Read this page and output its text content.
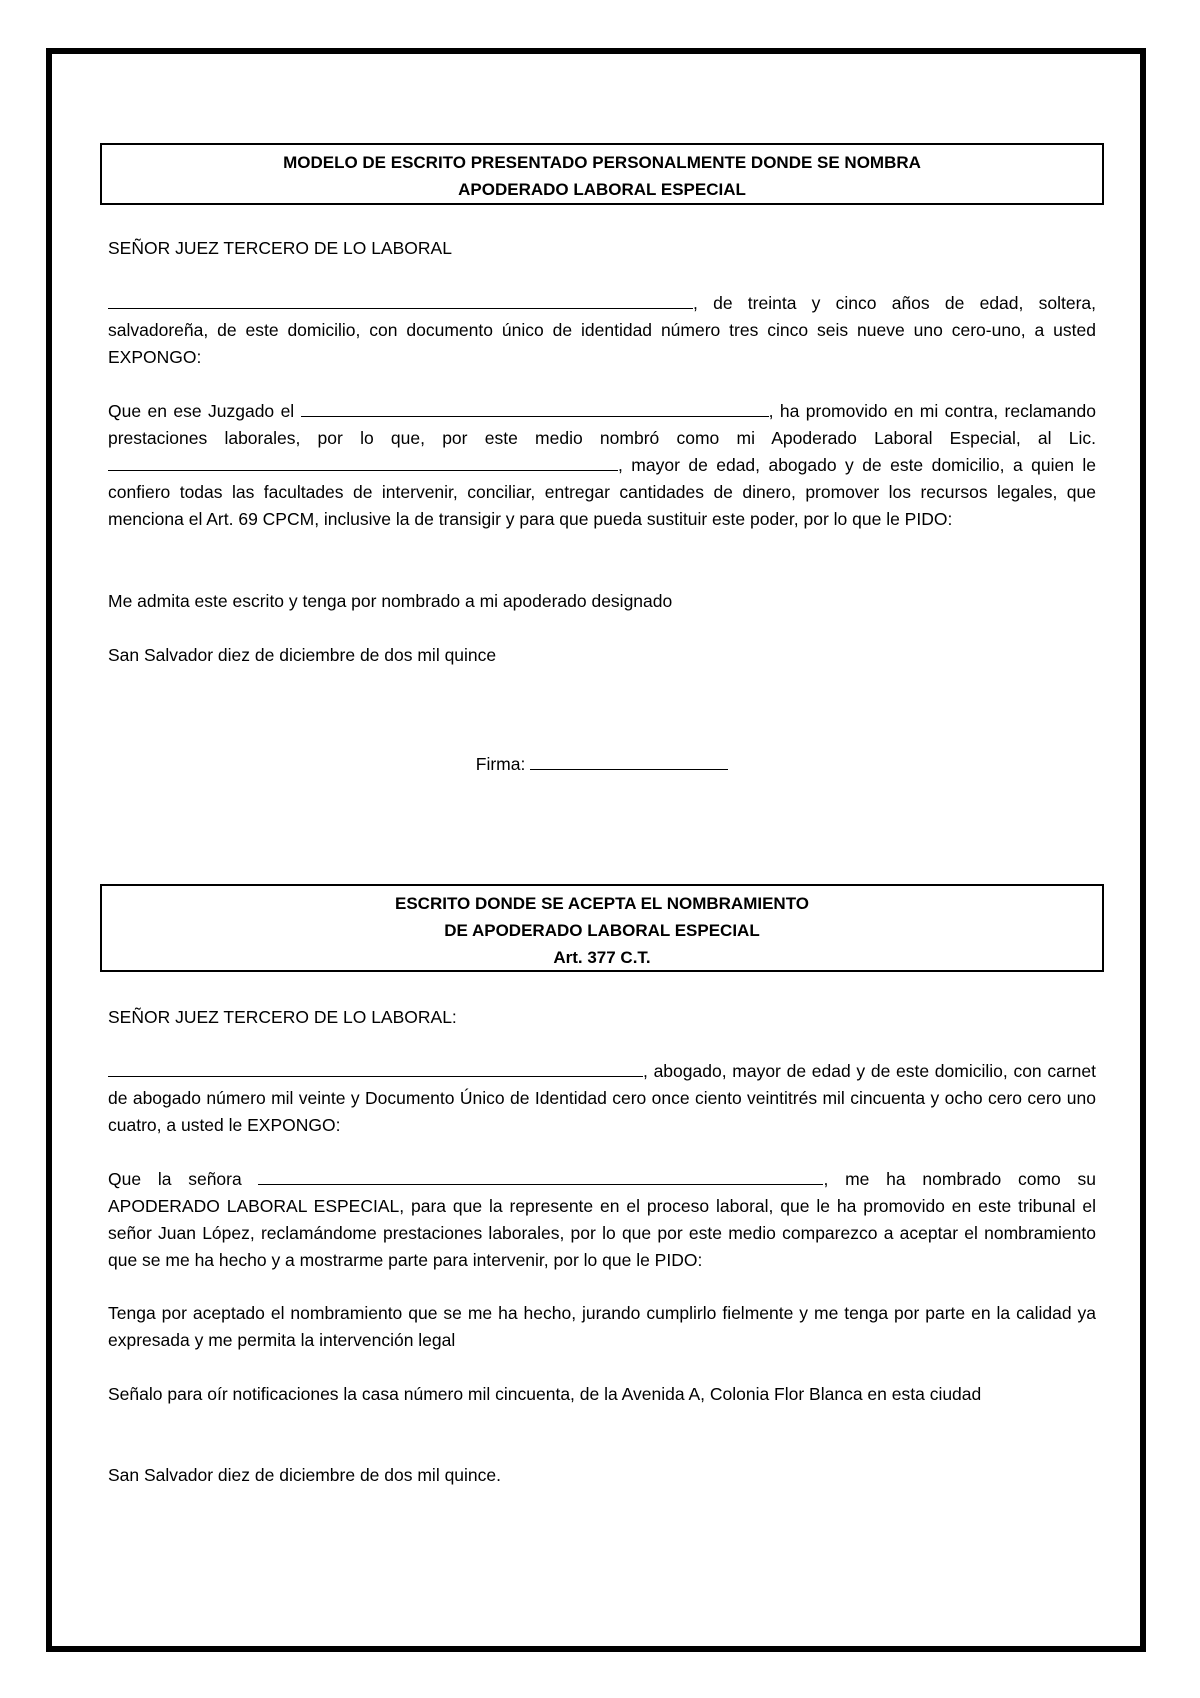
MODELO DE ESCRITO PRESENTADO PERSONALMENTE DONDE SE NOMBRA

APODERADO LABORAL ESPECIAL

SEÑOR JUEZ TERCERO DE LO LABORAL

, de treinta y cinco años de edad, soltera, salvadoreña, de este domicilio, con documento único de identidad número tres cinco seis nueve uno cero-uno, a usted EXPONGO:

Que en ese Juzgado el	, ha promovido en mi contra, reclamando prestaciones laborales, por lo que, por este medio nombró como mi Apoderado Laboral Especial, al Lic. , mayor de edad, abogado y de este domicilio, a quien le confiero todas las facultades de intervenir, conciliar, entregar cantidades de dinero, promover los recursos legales, que menciona el Art. 69 CPCM, inclusive la de transigir y para que pueda sustituir este poder, por lo que le PIDO:

Me admita este escrito y tenga por nombrado a mi apoderado designado

San Salvador diez de diciembre de dos mil quince

Firma:

ESCRITO DONDE SE ACEPTA EL NOMBRAMIENTO

DE APODERADO LABORAL ESPECIAL

Art. 377 C.T.

SEÑOR JUEZ TERCERO DE LO LABORAL:

, abogado, mayor de edad y de este domicilio, con carnet de abogado número mil veinte y Documento Único de Identidad cero once ciento veintitrés mil cincuenta y ocho cero cero uno cuatro, a usted le EXPONGO:

Que la señora	, me ha nombrado como su APODERADO LABORAL ESPECIAL, para que la represente en el proceso laboral, que le ha promovido en este tribunal el señor Juan López, reclamándome prestaciones laborales, por lo que por este medio comparezco a aceptar el nombramiento que se me ha hecho y a mostrarme parte para intervenir, por lo que le PIDO:

Tenga por aceptado el nombramiento que se me ha hecho, jurando cumplirlo fielmente y me tenga por parte en la calidad ya expresada y me permita la intervención legal

Señalo para oír notificaciones la casa número mil cincuenta, de la Avenida A, Colonia Flor Blanca en esta ciudad

San Salvador diez de diciembre de dos mil quince.
